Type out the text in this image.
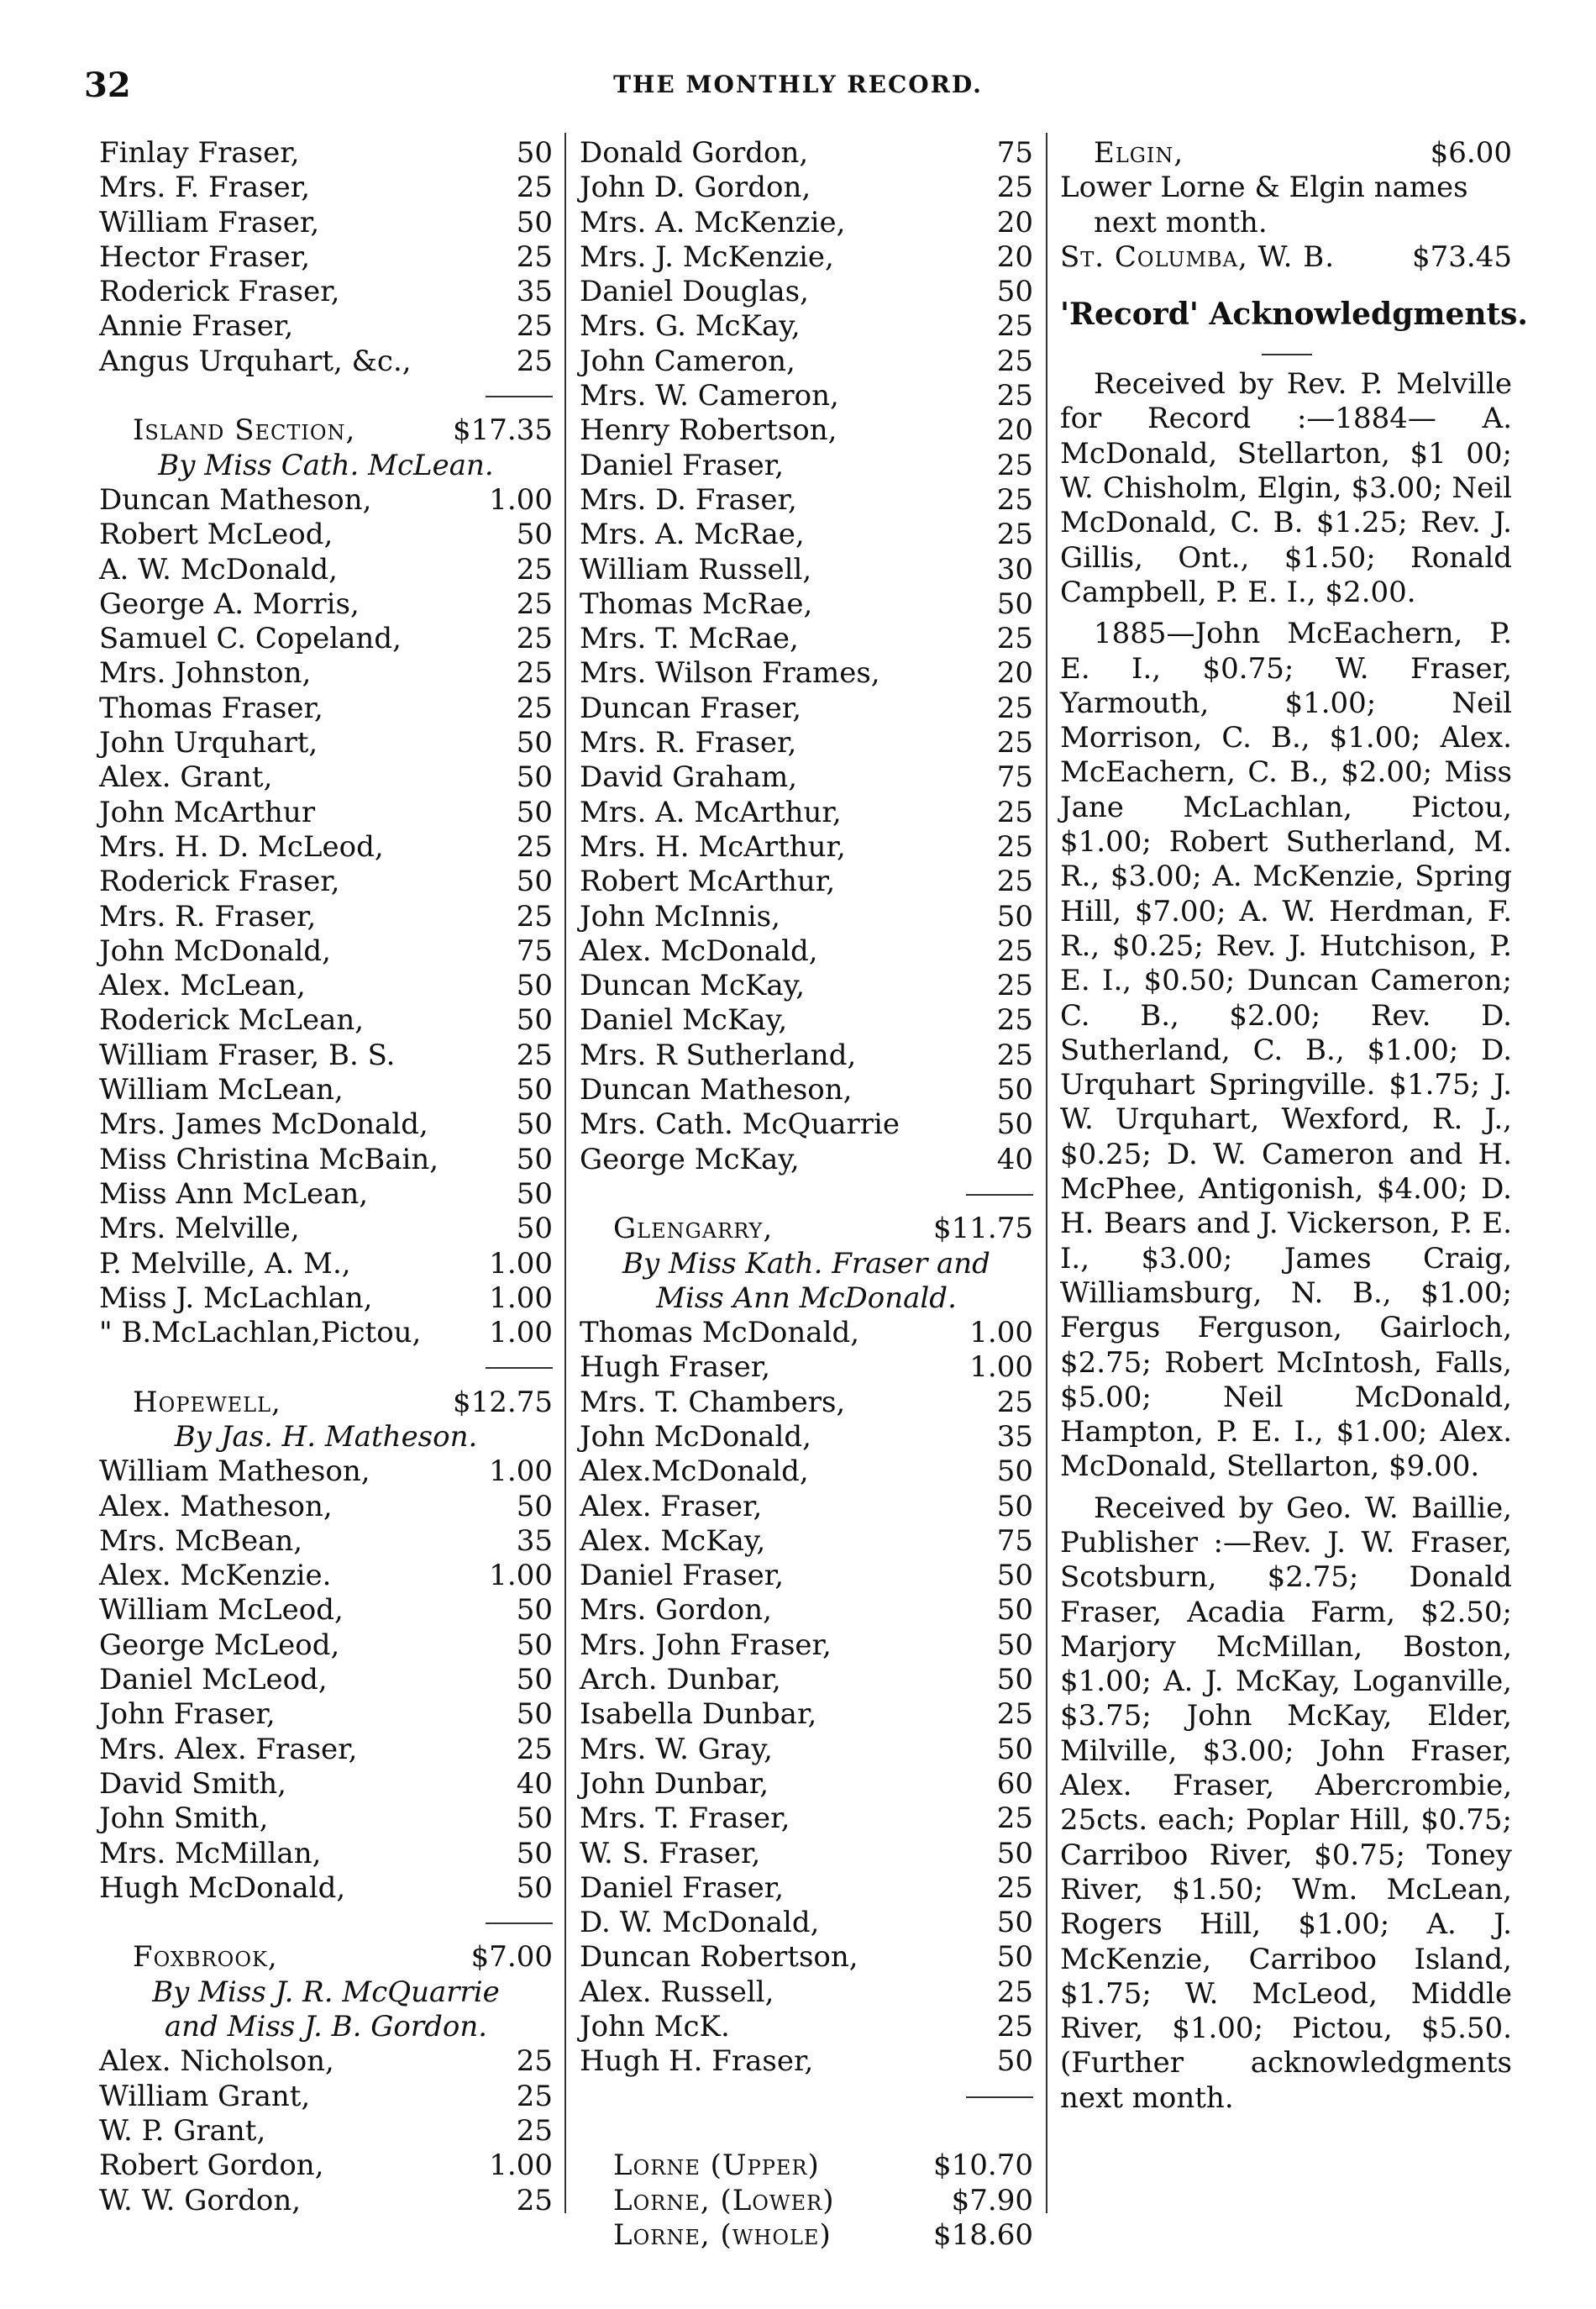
32	THE MONTHLY RECORD.
Finlay Fraser,	50
Mrs. F. Fraser,	25
William Fraser,	50
Hector Fraser,	25
Roderick Fraser,	35
Annie Fraser,	25
Angus Urquhart, &c.,	25
Island Section,	$17.35
By Miss Cath. McLean.
Duncan Matheson,	1.00
Robert McLeod,	50
A. W. McDonald,	25
George A. Morris,	25
Samuel C. Copeland,	25
Mrs. Johnston,	25
Thomas Fraser,	25
John Urquhart,	50
Alex. Grant,	50
John McArthur	50
Mrs. H. D. McLeod,	25
Roderick Fraser,	50
Mrs. R. Fraser,	25
John McDonald,	75
Alex. McLean,	50
Roderick McLean,	50
William Fraser, B. S.	25
William McLean,	50
Mrs. James McDonald,	50
Miss Christina McBain,	50
Miss Ann McLean,	50
Mrs. Melville,	50
P. Melville, A. M.,	1.00
Miss J. McLachlan,	1.00
" B.McLachlan,Pictou, 1.00
Hopewell,	$12.75
By Jas. H. Matheson.
William Matheson,	1.00
Alex. Matheson,	50
Mrs. McBean,	35
Alex. McKenzie.	1.00
William McLeod,	50
George McLeod,	50
Daniel McLeod,	50
John Fraser,	50
Mrs. Alex. Fraser,	25
David Smith,	40
John Smith,	50
Mrs. McMillan,	50
Hugh McDonald,	50
Foxbrook,	$7.00
By Miss J. R. McQuarrie
and Miss J. B. Gordon.
Alex. Nicholson,	25
William Grant,	25
W. P. Grant,	25
Robert Gordon,	1.00
W. W. Gordon,	25
Donald Gordon,	75
John D. Gordon,	25
Mrs. A. McKenzie,	20
Mrs. J. McKenzie,	20
Daniel Douglas,	50
Mrs. G. McKay,	25
John Cameron,	25
Mrs. W. Cameron,	25
Henry Robertson,	20
Daniel Fraser,	25
Mrs. D. Fraser,	25
Mrs. A. McRae,	25
William Russell,	30
Thomas McRae,	50
Mrs. T. McRae,	25
Mrs. Wilson Frames,	20
Duncan Fraser,	25
Mrs. R. Fraser,	25
David Graham,	75
Mrs. A. McArthur,	25
Mrs. H. McArthur,	25
Robert McArthur,	25
John McInnis,	50
Alex. McDonald,	25
Duncan McKay,	25
Daniel McKay,	25
Mrs. R Sutherland,	25
Duncan Matheson,	50
Mrs. Cath. McQuarrie	50
George McKay,	40
Glengarry,	$11.75
By Miss Kath. Fraser and
Miss Ann McDonald.
Thomas McDonald,	1.00
Hugh Fraser,	1.00
Mrs. T. Chambers,	25
John McDonald,	35
Alex.McDonald,	50
Alex. Fraser,	50
Alex. McKay,	75
Daniel Fraser,	50
Mrs. Gordon,	50
Mrs. John Fraser,	50
Arch. Dunbar,	50
Isabella Dunbar,	25
Mrs. W. Gray,	50
John Dunbar,	60
Mrs. T. Fraser,	25
W. S. Fraser,	50
Daniel Fraser,	25
D. W. McDonald,	50
Duncan Robertson,	50
Alex. Russell,	25
John McK.	25
Hugh H. Fraser,	50
Lorne (Upper)	$10.70
Lorne, (Lower)	$7.90
Lorne, (whole)	$18.60
Elgin,	$6.00
Lower Lorne & Elgin names
next month.
St. Columba, W. B.	$73.45
'Record' Acknowledgments.

Received by Rev. P. Melville for Record :—1884— A. McDonald, Stellarton, $1 00; W. Chisholm, Elgin, $3.00; Neil McDonald, C. B. $1.25; Rev. J. Gillis, Ont., $1.50; Ronald Campbell, P. E. I., $2.00.

1885—John McEachern, P. E. I., $0.75; W. Fraser, Yarmouth, $1.00; Neil Morrison, C. B., $1.00; Alex. McEachern, C. B., $2.00; Miss Jane McLachlan, Pictou, $1.00; Robert Sutherland, M. R., $3.00; A. McKenzie, Spring Hill, $7.00; A. W. Herdman, F. R., $0.25; Rev. J. Hutchison, P. E. I., $0.50; Duncan Cameron; C. B., $2.00; Rev. D. Sutherland, C. B., $1.00; D. Urquhart Springville. $1.75; J. W. Urquhart, Wexford, R. J., $0.25; D. W. Cameron and H. McPhee, Antigonish, $4.00; D. H. Bears and J. Vickerson, P. E. I., $3.00; James Craig, Williamsburg, N. B., $1.00; Fergus Ferguson, Gairloch, $2.75; Robert McIntosh, Falls, $5.00; Neil McDonald, Hampton, P. E. I., $1.00; Alex. McDonald, Stellarton, $9.00.

Received by Geo. W. Baillie, Publisher :—Rev. J. W. Fraser, Scotsburn, $2.75; Donald Fraser, Acadia Farm, $2.50; Marjory McMillan, Boston, $1.00; A. J. McKay, Loganville, $3.75; John McKay, Elder, Milville, $3.00; John Fraser, Alex. Fraser, Abercrombie, 25cts. each; Poplar Hill, $0.75; Carriboo River, $0.75; Toney River, $1.50; Wm. McLean, Rogers Hill, $1.00; A. J. McKenzie, Carriboo Island, $1.75; W. McLeod, Middle River, $1.00; Pictou, $5.50. (Further acknowledgments next month.
